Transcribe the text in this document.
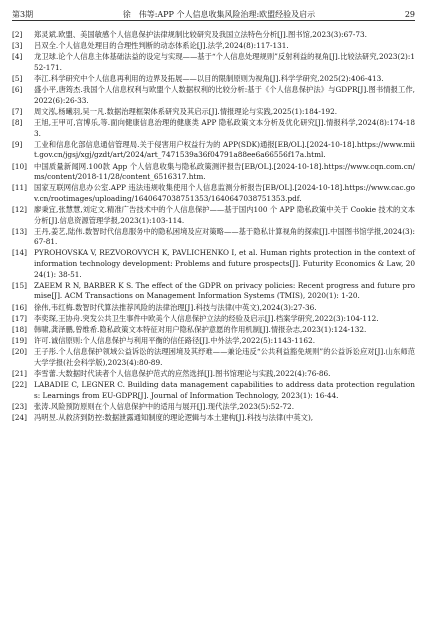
第3期	徐　伟等:APP 个人信息收集风险治理:欧盟经验及启示	29
[2]	郑灵斌.欧盟、美国敏感个人信息保护法律规制比较研究及我国立法特色分析[J].图书馆,2023(3):67-73.
[3]	吕双全.个人信息处理目的合理性判断的动态体系论[J].法学,2024(8):117-131.
[4]	龙卫球.论个人信息主体基础法益的设定与实现——基于“个人信息处理规则”反射利益的视角[J].比较法研究,2023(2):152-171.
[5]	李江.科学研究中个人信息再利用的边界及拓展——以目的限制原则为视角[J].科学学研究,2025(2):406-413.
[6]	盛小平,唐筠杰.我国个人信息权利与欧盟个人数据权利的比较分析:基于《个人信息保护法》与GDPR[J].图书情报工作,2022(6):26-33.
[7]	周文泓,杨曦羽,吴一凡.数据治理框架体系研究及其启示[J].情报理论与实践,2025(1):184-192.
[8]	王旭,王甲可,宫博乐,等.面向健康信息治理的健康类 APP 隐私政策文本分析及优化研究[J].情报科学,2024(8):174-183.
[9]	工业和信息化部信息通信管理局.关于侵害用户权益行为的 APP(SDK)通报[EB/OL].[2024-10-18].https://www.miit.gov.cn/jgsj/xgj/gzdt/art/2024/art_7471539a36f04791a88ee6a66556f17a.html.
[10] 中国质量新闻网.100款 App 个人信息收集与隐私政策测评报告[EB/OL].[2024-10-18].https://www.cqn.com.cn/ms/content/2018-11/28/content_6516317.htm.
[11] 国家互联网信息办公室.APP 违法违规收集使用个人信息监测分析报告[EB/OL].[2024-10-18].https://www.cac.gov.cn/rootimages/uploading/1640647038751353/1640647038751353.pdf.
[12] 廖秉宜,张慧慧,刘定文.精准广告技术中的个人信息保护——基于国内100 个 APP 隐私政策中关于 Cookie 技术的文本分析[J].信息资源管理学报,2023(1):103-114.
[13] 王丹,姜艺,陆伟.数智时代信息服务中的隐私困境及应对策略——基于隐私计算视角的探索[J].中国图书馆学报,2024(3):67-81.
[14] PYROHOVSKA V, REZVOROVYCH K, PAVLICHENKO I, et al. Human rights protection in the context of information technology development: Problems and future prospects[J]. Futurity Economics & Law, 2024(1): 38-51.
[15] ZAEEM R N, BARBER K S. The effect of the GDPR on privacy policies: Recent progress and future promise[J]. ACM Transactions on Management Information Systems (TMIS), 2020(1): 1-20.
[16] 徐伟,韦红梅.数智时代算法推荐风险的法律治理[J].科技与法律(中英文),2024(3):27-36.
[17] 李奕琛,王协舟.突发公共卫生事件中欧美个人信息保护立法的经验及启示[J].档案学研究,2022(3):104-112.
[18] 韩啸,龚泽鹏,曾维希.隐私政策文本特征对用户隐私保护意愿的作用机制[J].情报杂志,2023(1):124-132.
[19] 许可.诚信原则:个人信息保护与利用平衡的信任路径[J].中外法学,2022(5):1143-1162.
[20] 王子彤.个人信息保护领域公益诉讼的法理困境及其纾难——兼论违反“公共利益豁免规则”的公益诉讼应对[J].山东师范大学学报(社会科学版),2023(4):80-89.
[21] 李雪蕾.大数据时代读者个人信息保护范式的应然选择[J].图书馆理论与实践,2022(4):76-86.
[22] LABADIE C, LEGNER C. Building data management capabilities to address data protection regulations: Learnings from EU-GDPR[J]. Journal of Information Technology, 2023(1): 16-44.
[23] 张涛.风险预防原则在个人信息保护中的适用与展开[J].现代法学,2023(5):52-72.
[24] 冯明昱.从救济到防控:数据泄露通知制度的理论逻辑与本土建构[J].科技与法律(中英文),
